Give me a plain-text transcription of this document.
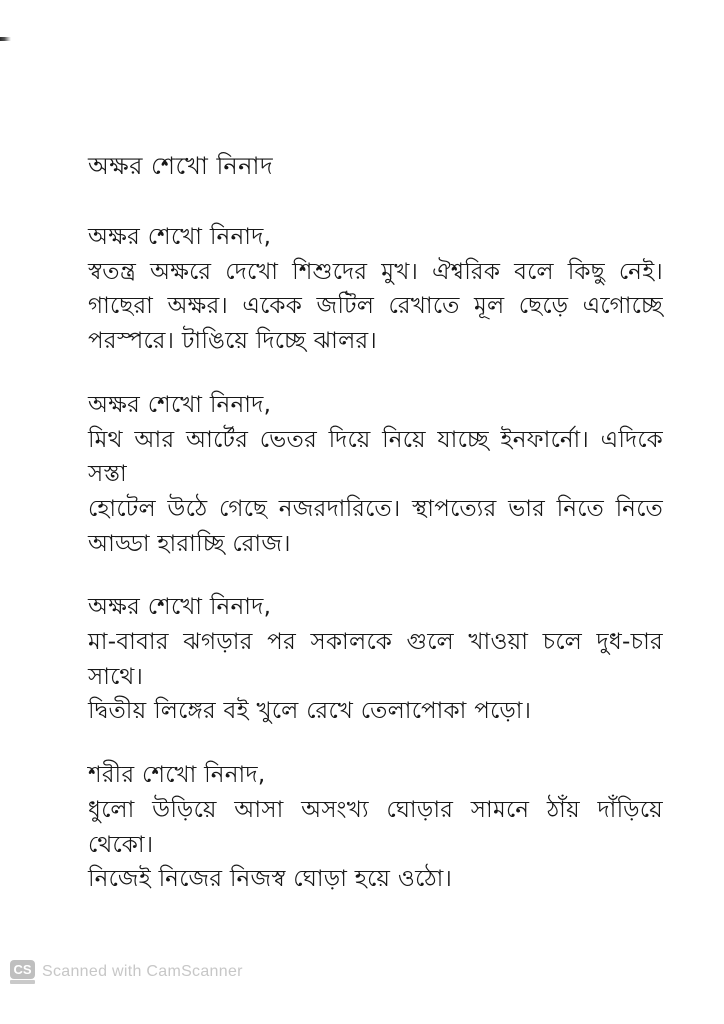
অক্ষর শেখো নিনাদ
অক্ষর শেখো নিনাদ,
স্বতন্ত্র অক্ষরে দেখো শিশুদের মুখ। ঐশ্বরিক বলে কিছু নেই।
গাছেরা অক্ষর। একেক জটিল রেখাতে মূল ছেড়ে এগোচ্ছে
পরস্পরে। টাঙিয়ে দিচ্ছে ঝালর।
অক্ষর শেখো নিনাদ,
মিথ আর আর্টের ভেতর দিয়ে নিয়ে যাচ্ছে ইনফার্নো। এদিকে সস্তা
হোটেল উঠে গেছে নজরদারিতে। স্থাপত্যের ভার নিতে নিতে
আড্ডা হারাচ্ছি রোজ।
অক্ষর শেখো নিনাদ,
মা-বাবার ঝগড়ার পর সকালকে গুলে খাওয়া চলে দুধ-চার সাথে।
দ্বিতীয় লিঙ্গের বই খুলে রেখে তেলাপোকা পড়ো।
শরীর শেখো নিনাদ,
ধুলো উড়িয়ে আসা অসংখ্য ঘোড়ার সামনে ঠাঁয় দাঁড়িয়ে থেকো।
নিজেই নিজের নিজস্ব ঘোড়া হয়ে ওঠো।
CS Scanned with CamScanner
